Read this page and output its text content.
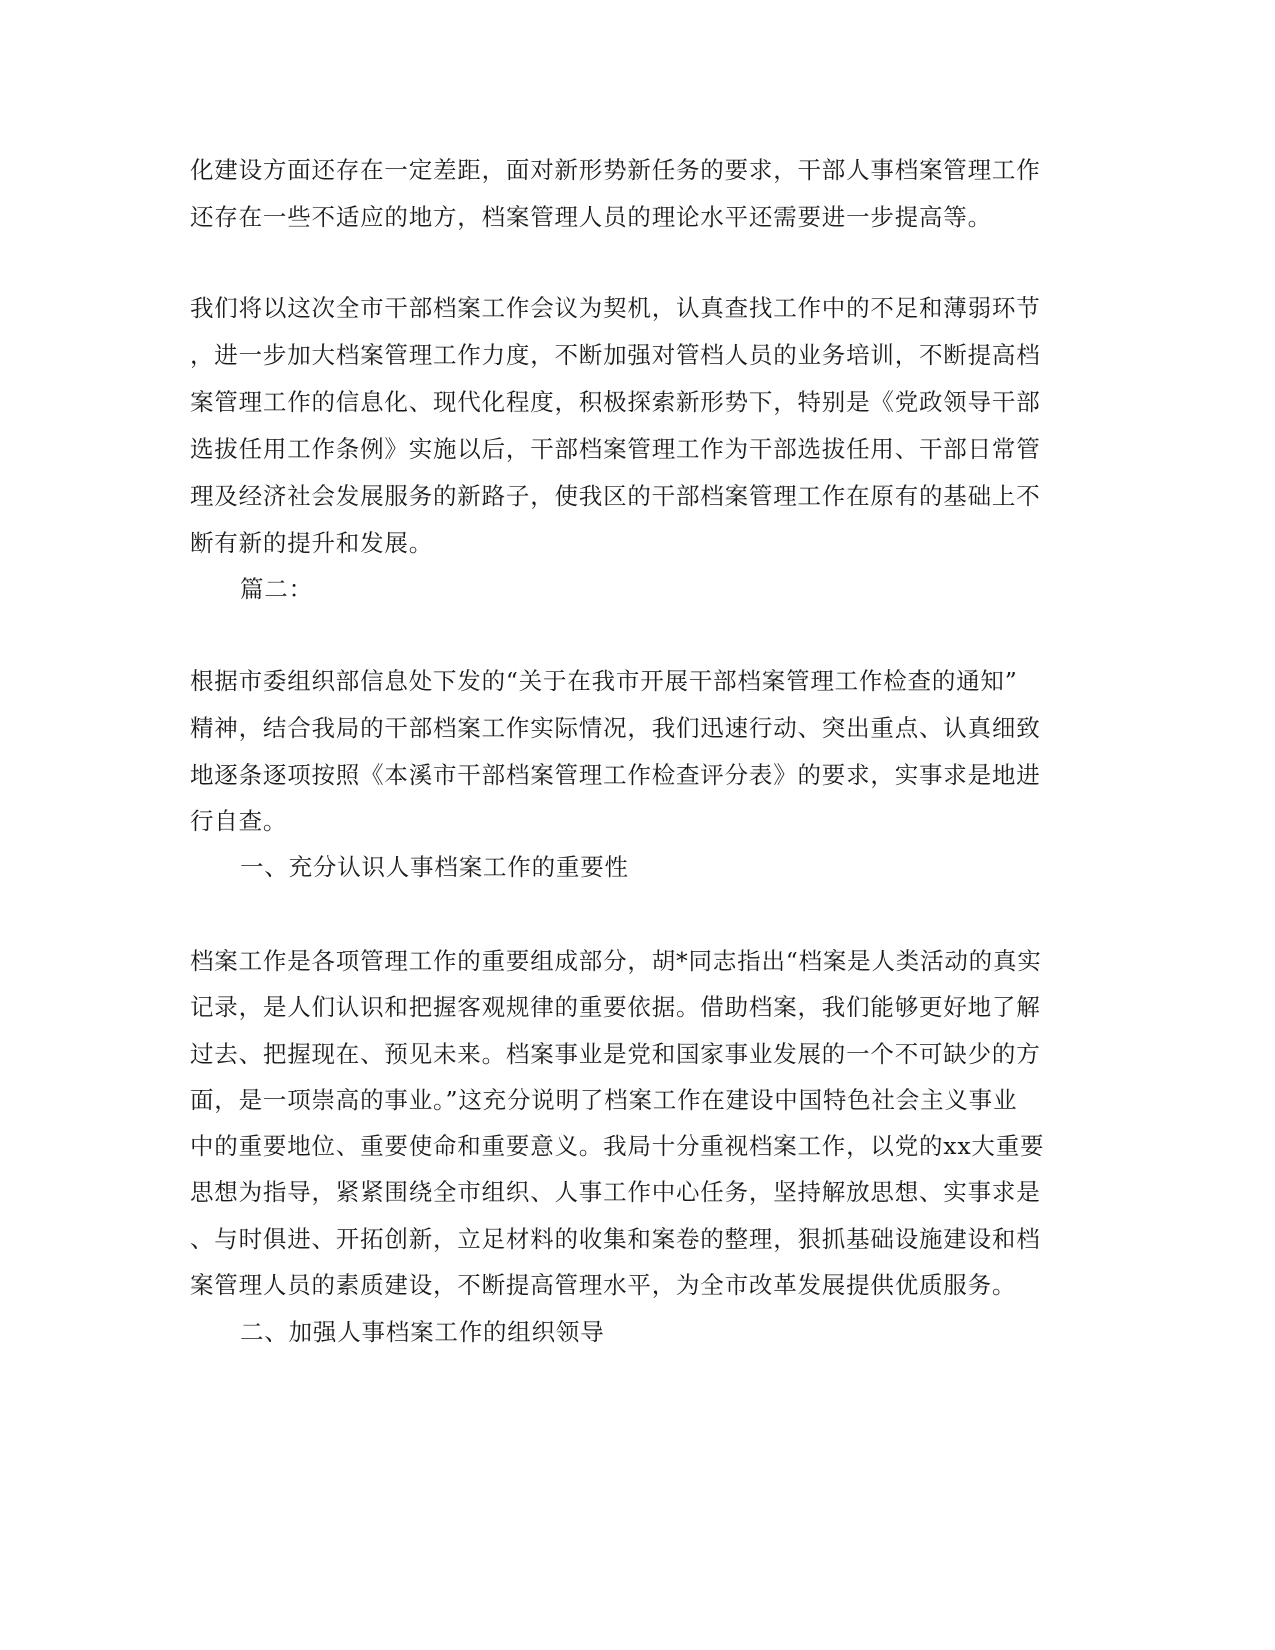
化建设方面还存在一定差距，面对新形势新任务的要求，干部人事档案管理工作

还存在一些不适应的地方，档案管理人员的理论水平还需要进一步提高等。

我们将以这次全市干部档案工作会议为契机，认真查找工作中的不足和薄弱环节

，进一步加大档案管理工作力度，不断加强对管档人员的业务培训，不断提高档

案管理工作的信息化、现代化程度，积极探索新形势下，特别是《党政领导干部

选拔任用工作条例》实施以后，干部档案管理工作为干部选拔任用、干部日常管

理及经济社会发展服务的新路子，使我区的干部档案管理工作在原有的基础上不

断有新的提升和发展。

篇二：

根据市委组织部信息处下发的“关于在我市开展干部档案管理工作检查的通知”

精神，结合我局的干部档案工作实际情况，我们迅速行动、突出重点、认真细致

地逐条逐项按照《本溪市干部档案管理工作检查评分表》的要求，实事求是地进

行自查。

一、充分认识人事档案工作的重要性

档案工作是各项管理工作的重要组成部分，胡*同志指出“档案是人类活动的真实

记录，是人们认识和把握客观规律的重要依据。借助档案，我们能够更好地了解

过去、把握现在、预见未来。档案事业是党和国家事业发展的一个不可缺少的方

面，是一项崇高的事业。”这充分说明了档案工作在建设中国特色社会主义事业

中的重要地位、重要使命和重要意义。我局十分重视档案工作，以党的xx大重要

思想为指导，紧紧围绕全市组织、人事工作中心任务，坚持解放思想、实事求是

、与时俱进、开拓创新，立足材料的收集和案卷的整理，狠抓基础设施建设和档

案管理人员的素质建设，不断提高管理水平，为全市改革发展提供优质服务。

二、加强人事档案工作的组织领导
